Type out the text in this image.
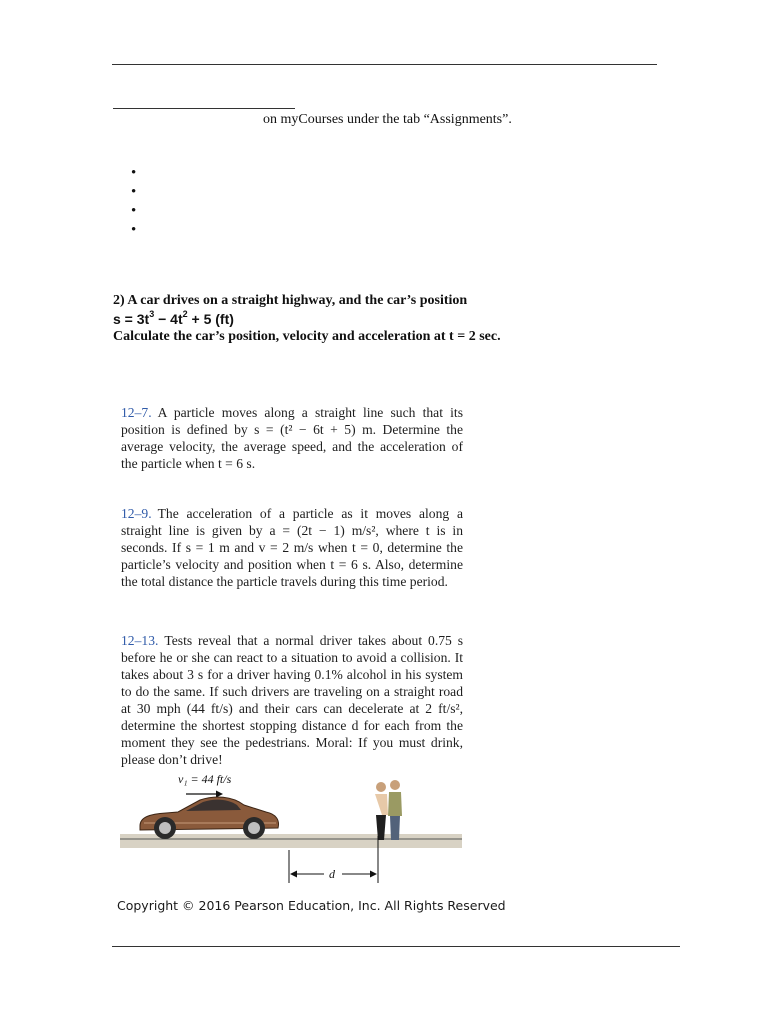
on myCourses under the tab “Assignments”.
•
•
•
•
2) A car drives on a straight highway, and the car’s position
$s = 3t^3 - 4t^2 + 5$ (ft)
Calculate the car’s position, velocity and acceleration at t = 2 sec.
12–7. A particle moves along a straight line such that its position is defined by s = (t² − 6t + 5) m. Determine the average velocity, the average speed, and the acceleration of the particle when t = 6 s.
12–9. The acceleration of a particle as it moves along a straight line is given by a = (2t − 1) m/s², where t is in seconds. If s = 1 m and v = 2 m/s when t = 0, determine the particle’s velocity and position when t = 6 s. Also, determine the total distance the particle travels during this time period.
12–13. Tests reveal that a normal driver takes about 0.75 s before he or she can react to a situation to avoid a collision. It takes about 3 s for a driver having 0.1% alcohol in his system to do the same. If such drivers are traveling on a straight road at 30 mph (44 ft/s) and their cars can decelerate at 2 ft/s², determine the shortest stopping distance d for each from the moment they see the pedestrians. Moral: If you must drink, please don’t drive!
v₁ = 44 ft/s
d
Copyright © 2016 Pearson Education, Inc. All Rights Reserved
